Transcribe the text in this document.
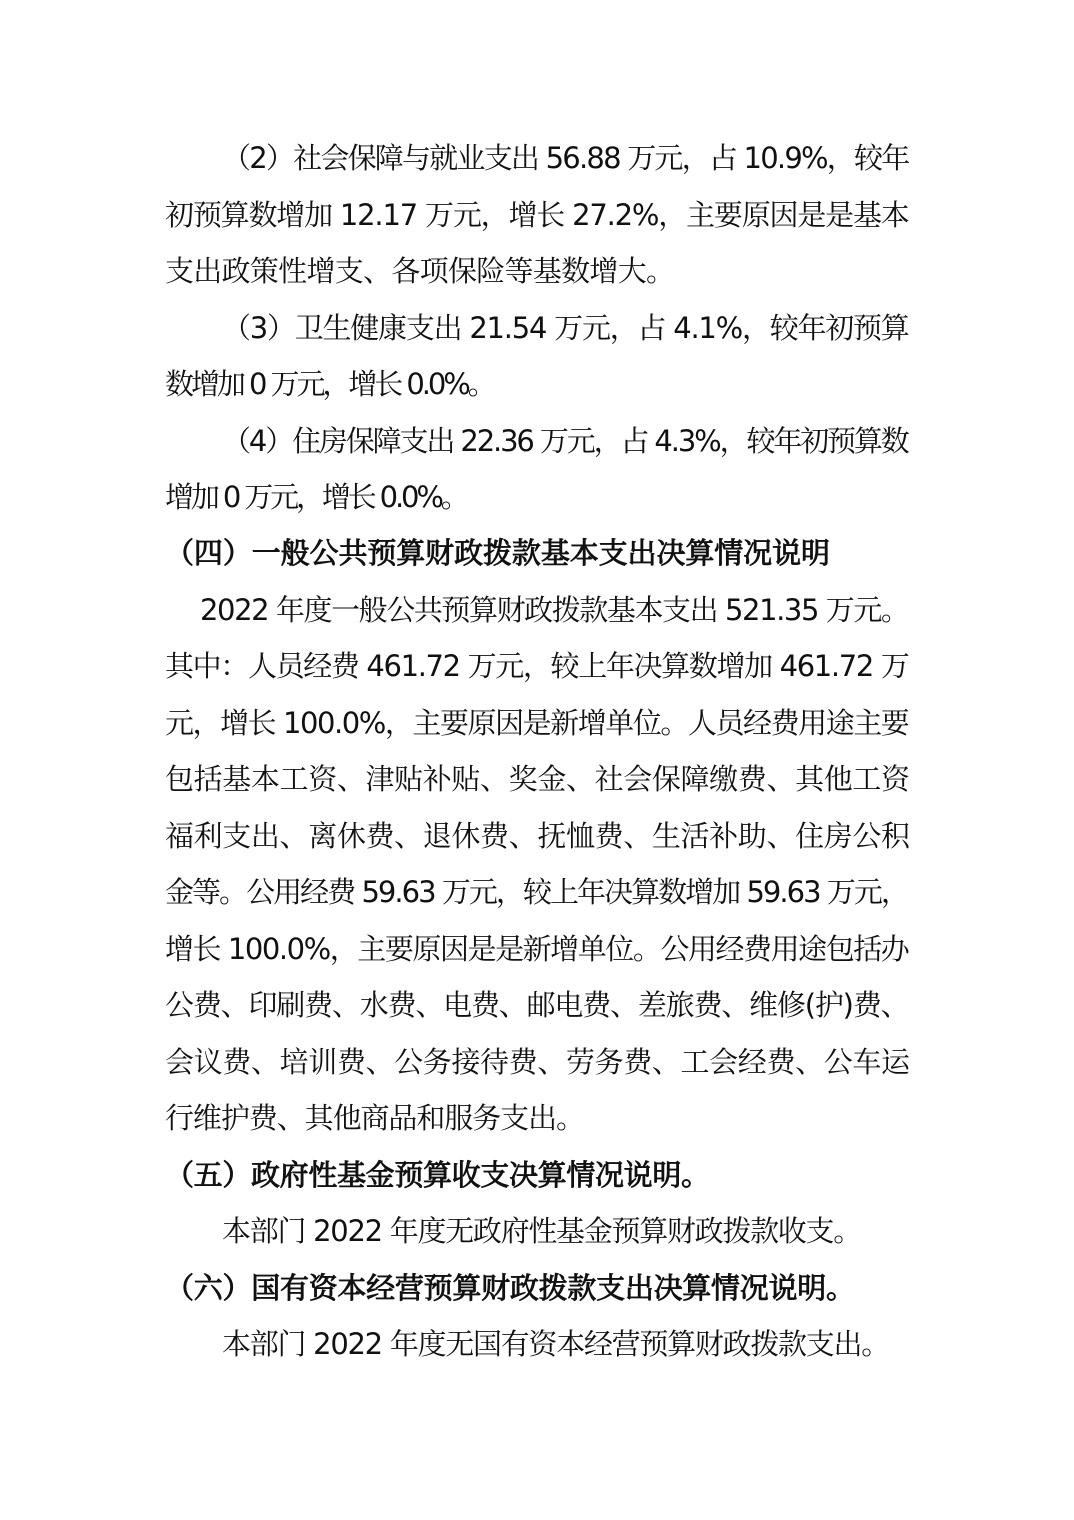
（2）社会保障与就业支出 56.88 万元，占 10.9%，较年
初预算数增加 12.17 万元，增长 27.2%，主要原因是是基本
支出政策性增支、各项保险等基数增大。
（3）卫生健康支出 21.54 万元，占 4.1%，较年初预算
数增加 0 万元，增长 0.0%。
（4）住房保障支出 22.36 万元，占 4.3%，较年初预算数
增加 0 万元，增长 0.0%。
（四）一般公共预算财政拨款基本支出决算情况说明
2022 年度一般公共预算财政拨款基本支出 521.35 万元。
其中：人员经费 461.72 万元，较上年决算数增加 461.72 万
元，增长 100.0%，主要原因是新增单位。人员经费用途主要
包括基本工资、津贴补贴、奖金、社会保障缴费、其他工资
福利支出、离休费、退休费、抚恤费、生活补助、住房公积
金等。公用经费 59.63 万元，较上年决算数增加 59.63 万元，
增长 100.0%，主要原因是是新增单位。公用经费用途包括办
公费、印刷费、水费、电费、邮电费、差旅费、维修(护)费、
会议费、培训费、公务接待费、劳务费、工会经费、公车运
行维护费、其他商品和服务支出。
（五）政府性基金预算收支决算情况说明。
本部门 2022 年度无政府性基金预算财政拨款收支。
（六）国有资本经营预算财政拨款支出决算情况说明。
本部门 2022 年度无国有资本经营预算财政拨款支出。
